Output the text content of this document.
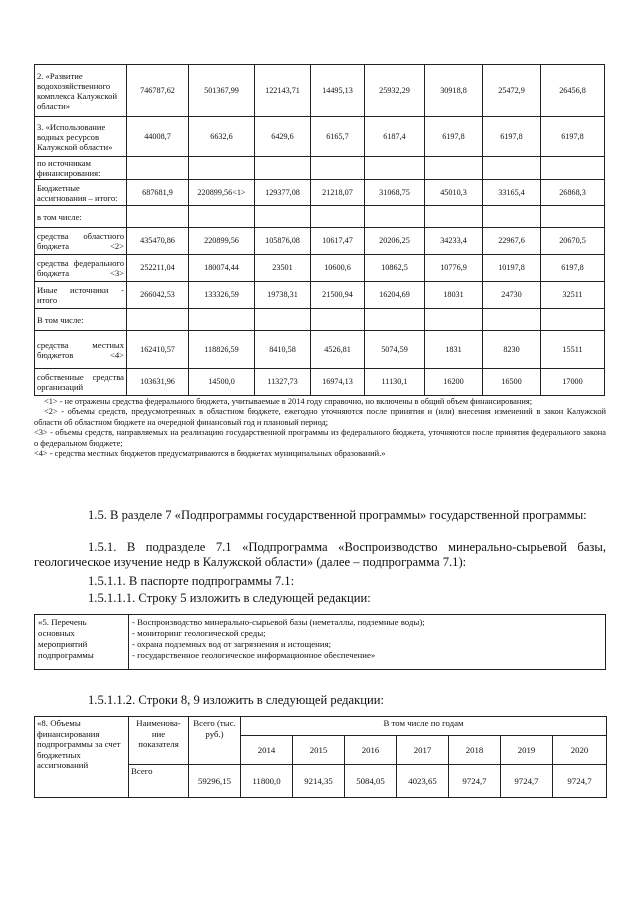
2. «Развитие водохозяйственного комплекса Калужской области»	746787,62	501367,99	122143,71	14495,13	25932,29	30918,8	25472,9	26456,8
3. «Использование водных ресурсов Калужской области»	44008,7	6632,6	6429,6	6165,7	6187,4	6197,8	6197,8	6197,8
по источникам финансирования:								
Бюджетные ассигнования – итого:	687681,9	220899,56<1>	129377,08	21218,07	31068,75	45010,3	33165,4	26868,3
в том числе:								
средства областного бюджета <2>	435470,86	220899,56	105876,08	10617,47	20206,25	34233,4	22967,6	20670,5
средства федерального бюджета <3>	252211,04	180074,44	23501	10600,6	10862,5	10776,9	10197,8	6197,8
Иные источники - итого	266042,53	133326,59	19738,31	21500,94	16204,69	18031	24730	32511
В том числе:								
средства местных бюджетов <4>	162410,57	118826,59	8410,58	4526,81	5074,59	1831	8230	15511
собственные средства организаций	103631,96	14500,0	11327,73	16974,13	11130,1	16200	16500	17000

<1> - не отражены средства федерального бюджета, учитываемые в 2014 году справочно, но включены в общий объем финансирования;

<2> - объемы средств, предусмотренных в областном бюджете, ежегодно уточняются после принятия и (или) внесения изменений в закон Калужской области об областном бюджете на очередной финансовый год и плановый период;

<3> - объемы средств, направляемых на реализацию государственной программы из федерального бюджета, уточняются после принятия федерального закона о федеральном бюджете;

<4> - средства местных бюджетов предусматриваются в бюджетах муниципальных образований.»

1.5. В разделе 7 «Подпрограммы государственной программы» государственной программы:

1.5.1. В подразделе 7.1 «Подпрограмма «Воспроизводство минерально-сырьевой базы, геологическое изучение недр в Калужской области» (далее – подпрограмма 7.1):

1.5.1.1. В паспорте подпрограммы 7.1:

1.5.1.1.1. Строку 5 изложить в следующей редакции:

«5. Перечень основных мероприятий подпрограммы	

- Воспроизводство минерально-сырьевой базы (неметаллы, подземные воды);

- мониторинг геологической среды;

- охрана подземных вод от загрязнения и истощения;

- государственное геологическое информационное обеспечение»

1.5.1.1.2. Строки 8, 9 изложить в следующей редакции:

«8. Объемы финансирования подпрограммы за счет бюджетных ассигнований	Наименова-ние показателя	Всего (тыс. руб.)	В том числе по годам						
			2014	2015	2016	2017	2018	2019	2020
	Всего	59296,15	11800,0	9214,35	5084,05	4023,65	9724,7	9724,7	9724,7
